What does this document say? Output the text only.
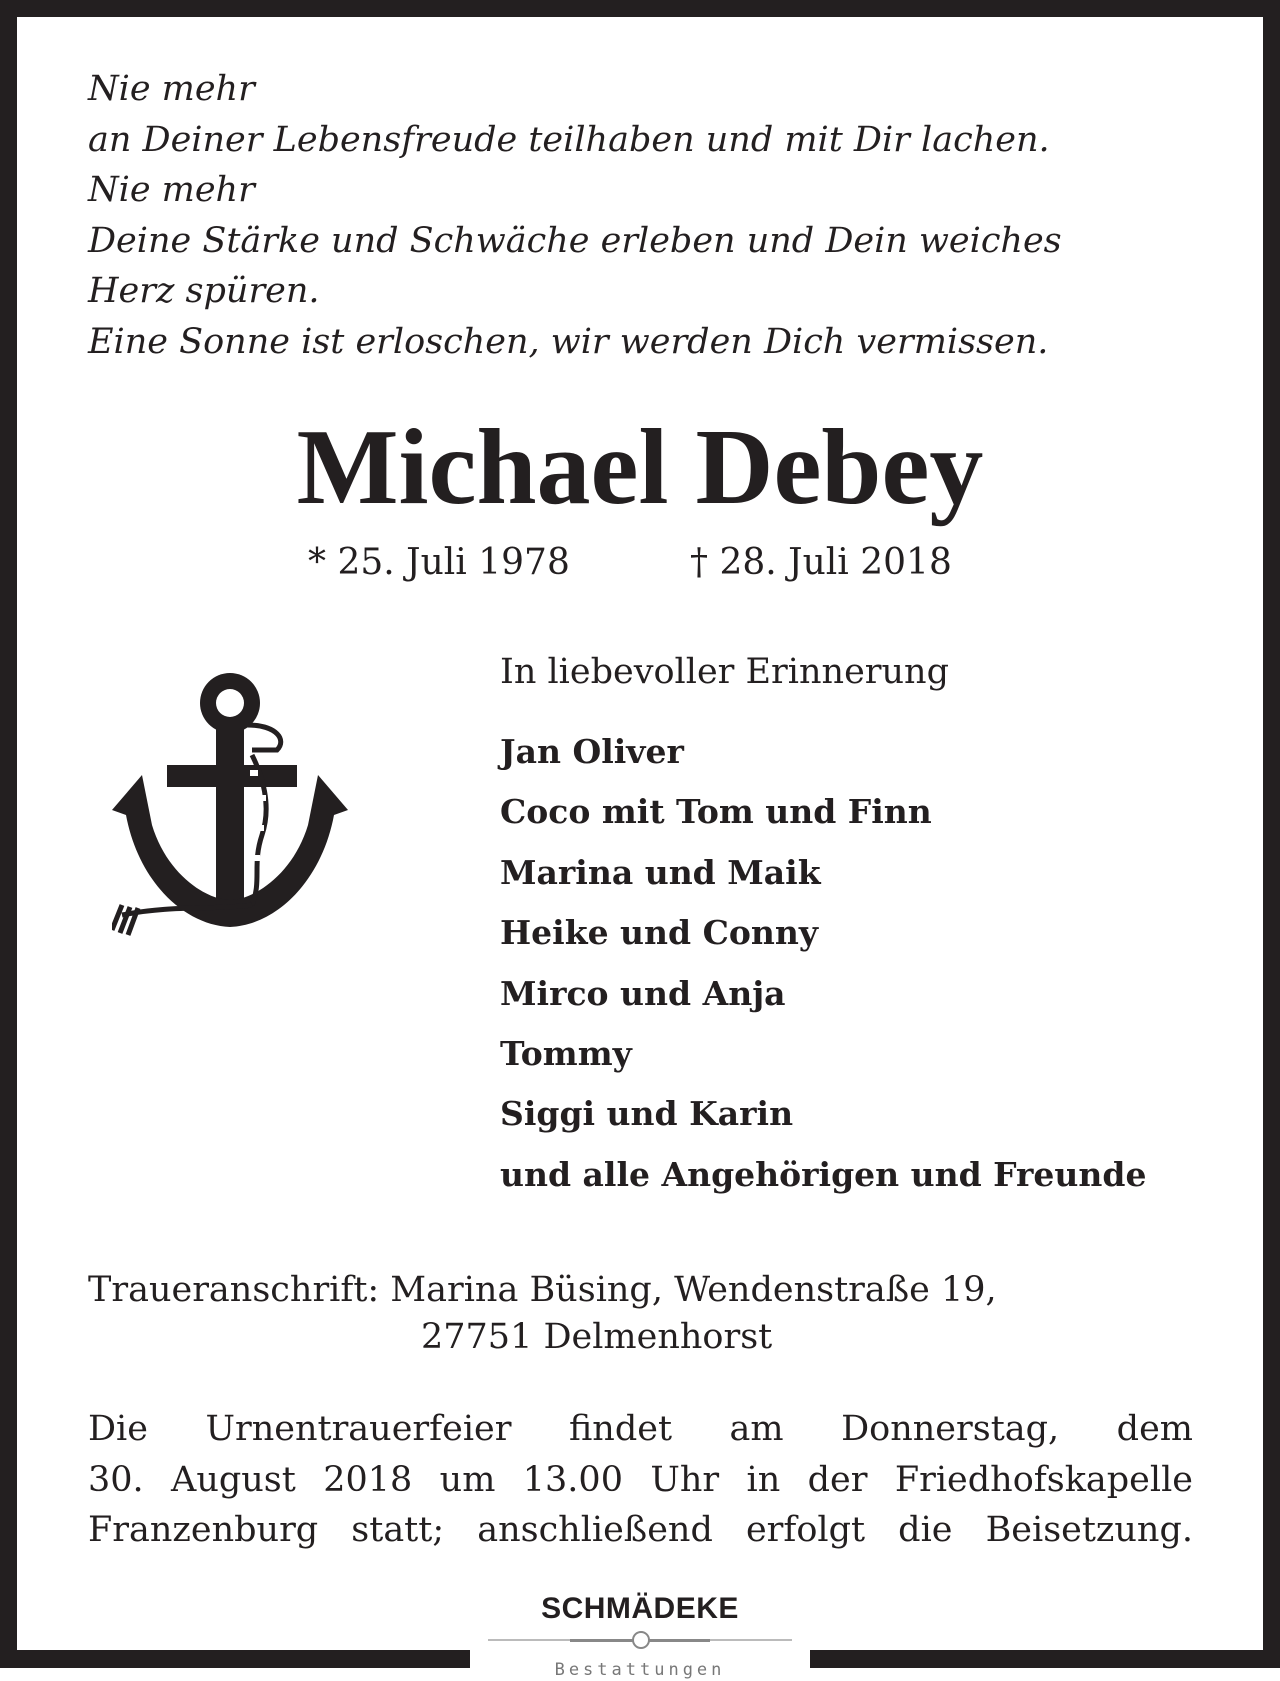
Nie mehr
an Deiner Lebensfreude teilhaben und mit Dir lachen.
Nie mehr
Deine Stärke und Schwäche erleben und Dein weiches
Herz spüren.
Eine Sonne ist erloschen, wir werden Dich vermissen.
Michael Debey
* 25. Juli 1978	† 28. Juli 2018
In liebevoller Erinnerung
Jan Oliver
Coco mit Tom und Finn
Marina und Maik
Heike und Conny
Mirco und Anja
Tommy
Siggi und Karin
und alle Angehörigen und Freunde
Traueranschrift: Marina Büsing, Wendenstraße 19,
27751 Delmenhorst
Die Urnentrauerfeier findet am Donnerstag, dem
30. August 2018 um 13.00 Uhr in der Friedhofskapelle
Franzenburg statt; anschließend erfolgt die Beisetzung.
SCHMÄDEKE
Bestattungen
